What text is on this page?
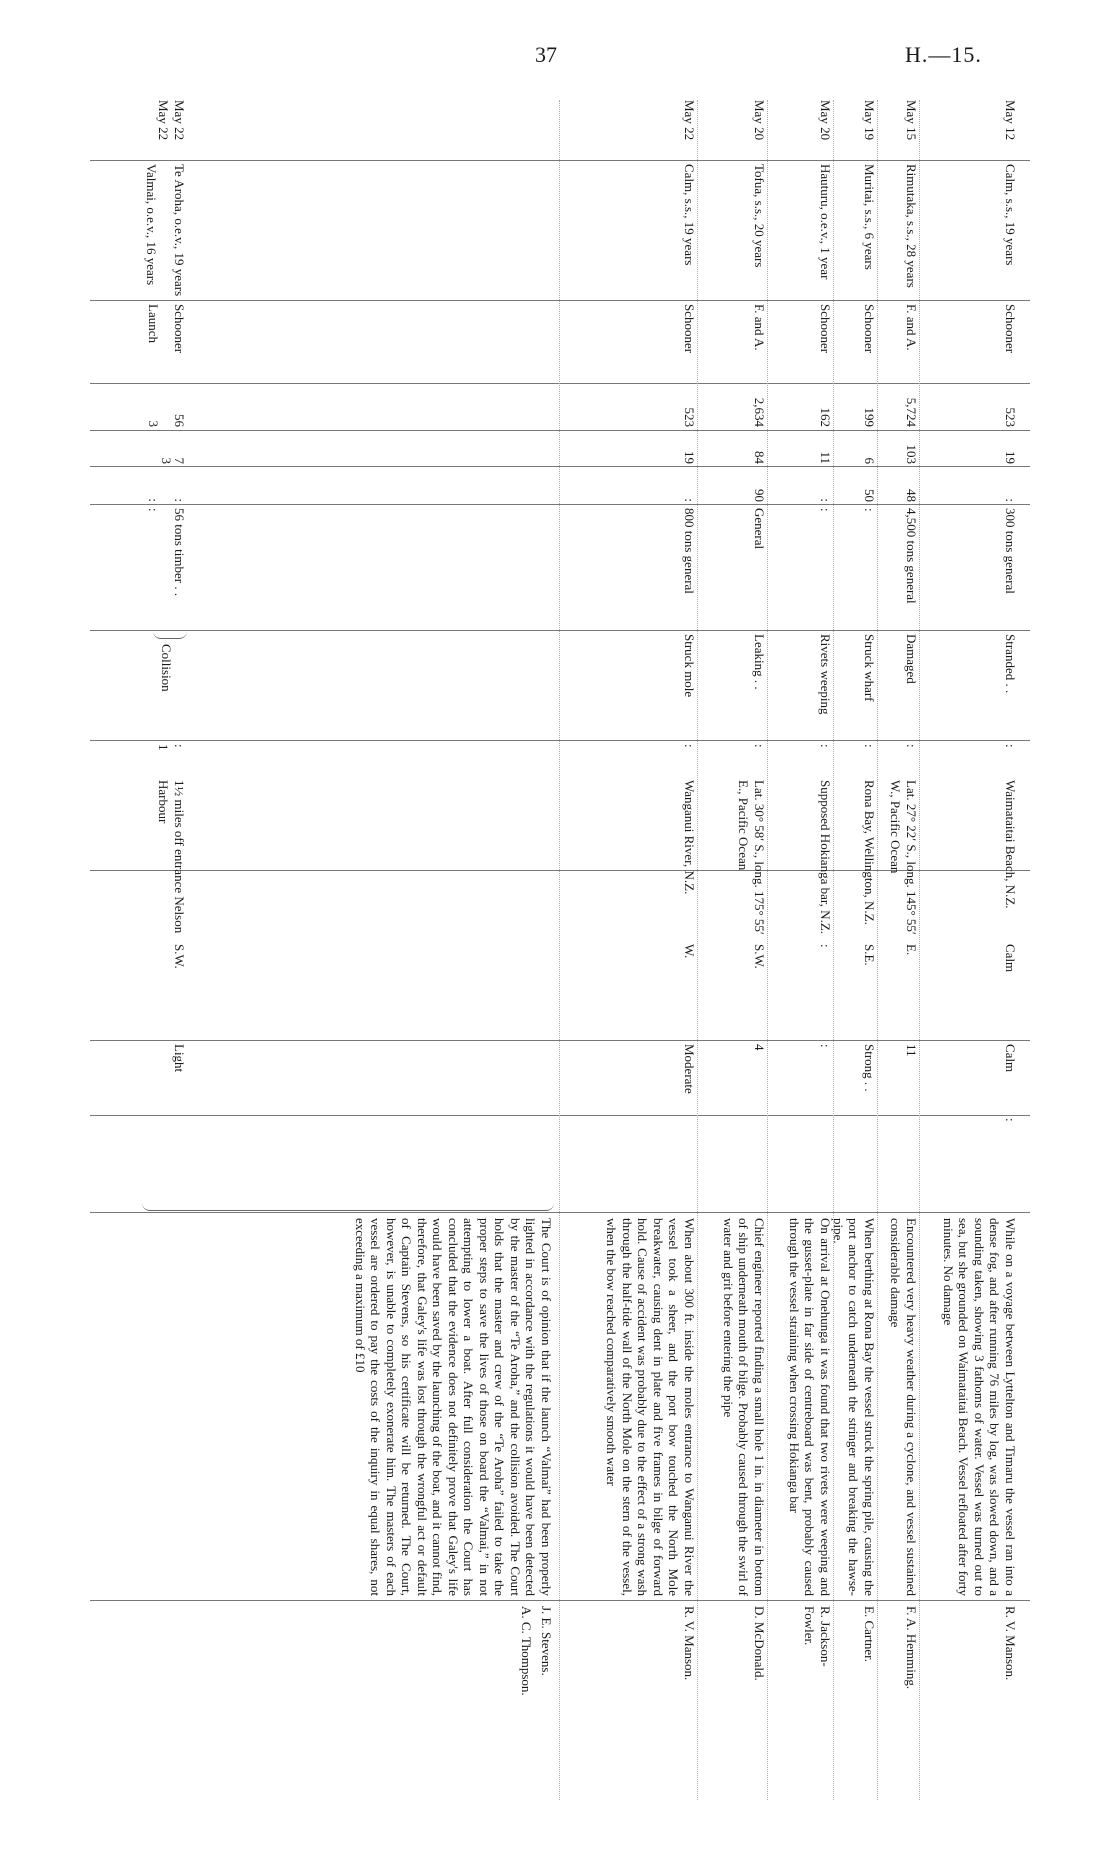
37	H.—15.
May 12
Calm, s.s., 19 years
Schooner
523
19
:
300 tons general
Stranded . .
:
Waimataitai Beach, N.Z.
Calm
Calm
:
While on a voyage between Lyttelton and Timaru the vessel ran into a dense fog, and after running 76 miles by log, was slowed down, and a sounding taken, showing 3 fathoms of water. Vessel was turned out to sea, but she grounded on Waimataitai Beach. Vessel refloated after forty minutes. No damage
R. V. Manson.
May 15
Rimutaka, s.s., 28 years
F. and A.
5,724
103
48
4,500 tons general
Damaged
:
Lat. 27° 22′ S., long. 145° 55′ W., Pacific Ocean
E.
11
Encountered very heavy weather during a cyclone, and vessel sustained considerable damage
F. A. Hemming.
May 19
Muritai, s.s., 6 years
Schooner
199
6
50
:
Struck wharf
:
Rona Bay, Wellington, N.Z.
S.E.
Strong . .
When berthing at Rona Bay the vessel struck the spring pile, causing the port anchor to catch underneath the stringer and breaking the hawse-pipe.
E. Cartner.
May 20
Hauturu, o.e.v., 1 year
Schooner
162
11
:
:
Rivets weeping
:
Supposed Hokianga bar, N.Z.
:
:
On arrival at Onehunga it was found that two rivets were weeping and the gusset-plate in far side of centreboard was bent, probably caused through the vessel straining when crossing Hokianga bar
R. Jackson-Fowler.
May 20
Tofua, s.s., 20 years
F. and A.
2,634
84
90
General
Leaking . .
:
Lat. 30° 58′ S., long. 175° 55′ E., Pacific Ocean
S.W.
4
Chief engineer reported finding a small hole 1 in. in diameter in bottom of ship underneath mouth of bilge. Probably caused through the swirl of water and grit before entering the pipe
D. McDonald.
May 22
Calm, s.s., 19 years
Schooner
523
19
:
800 tons general
Struck mole
:
Wanganui River, N.Z.
W.
Moderate
When about 300 ft. inside the moles entrance to Wanganui River the vessel took a sheer, and the port bow touched the North Mole breakwater, causing dent in plate and five frames in bilge of forward hold. Cause of accident was probably due to the effect of a strong wash through the half-tide wall of the North Mole on the stern of the vessel, when the bow reached comparatively smooth water
R. V. Manson.
May 22
May 22
Te Aroha, o.e.v., 19 years
Valmai, o.e.v., 16 years
Schooner
Launch
56
3
7
3
:
:
56 tons timber . .
:
Collision
:
1
1½ miles off entrance Nelson Harbour
S.W.
Light
The Court is of opinion that if the launch “Valmai” had been properly lighted in accordance with the regulations it would have been detected by the master of the “Te Aroha,” and the collision avoided. The Court holds that the master and crew of the “Te Aroha” failed to take the proper steps to save the lives of those on board the “Valmai,” in not attempting to lower a boat. After full consideration the Court has concluded that the evidence does not definitely prove that Galey's life would have been saved by the launching of the boat, and it cannot find, therefore, that Galey's life was lost through the wrongful act or default of Captain Stevens, so his certificate will be returned. The Court, however, is unable to completely exonerate him. The masters of each vessel are ordered to pay the costs of the inquiry in equal shares, not exceeding a maximum of £10
J. E. Stevens.
A. C. Thompson.
